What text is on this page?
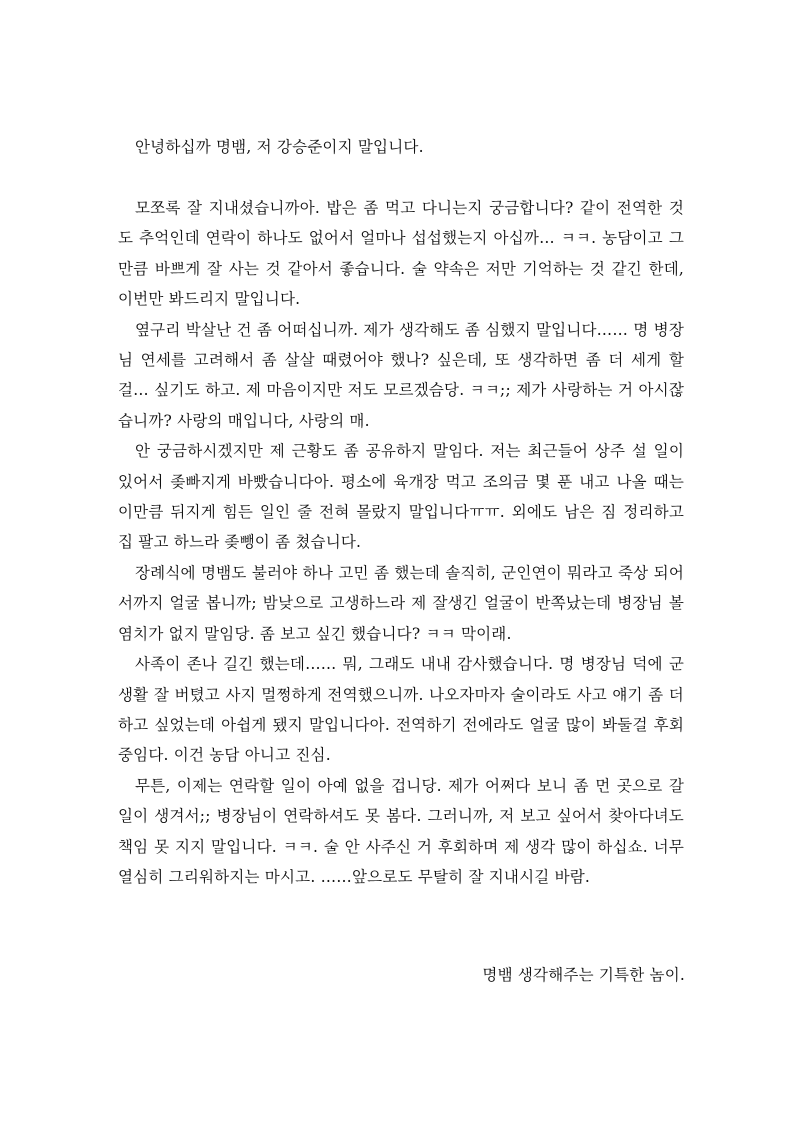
안녕하십까 명뱀, 저 강승준이지 말입니다.

모쪼록 잘 지내셨습니까아. 밥은 좀 먹고 다니는지 궁금합니다? 같이 전역한 것도 추억인데 연락이 하나도 없어서 얼마나 섭섭했는지 아십까… ㅋㅋ. 농담이고 그만큼 바쁘게 잘 사는 것 같아서 좋습니다. 술 약속은 저만 기억하는 것 같긴 한데, 이번만 봐드리지 말입니다.

옆구리 박살난 건 좀 어떠십니까. 제가 생각해도 좀 심했지 말입니다…… 명 병장님 연세를 고려해서 좀 살살 때렸어야 했나? 싶은데, 또 생각하면 좀 더 세게 할 걸… 싶기도 하고. 제 마음이지만 저도 모르겠슴당. ㅋㅋ;; 제가 사랑하는 거 아시잖습니까? 사랑의 매입니다, 사랑의 매.

안 궁금하시겠지만 제 근황도 좀 공유하지 말임다. 저는 최근들어 상주 설 일이 있어서 좆빠지게 바빴습니다아. 평소에 육개장 먹고 조의금 몇 푼 내고 나올 때는 이만큼 뒤지게 힘든 일인 줄 전혀 몰랐지 말입니다ㅠㅠ. 외에도 남은 짐 정리하고 집 팔고 하느라 좆뺑이 좀 쳤습니다.

장례식에 명뱀도 불러야 하나 고민 좀 했는데 솔직히, 군인연이 뭐라고 죽상 되어서까지 얼굴 봅니까; 밤낮으로 고생하느라 제 잘생긴 얼굴이 반쪽났는데 병장님 볼 염치가 없지 말임당. 좀 보고 싶긴 했습니다? ㅋㅋ 막이래.

사족이 존나 길긴 했는데…… 뭐, 그래도 내내 감사했습니다. 명 병장님 덕에 군생활 잘 버텼고 사지 멀쩡하게 전역했으니까. 나오자마자 술이라도 사고 얘기 좀 더 하고 싶었는데 아쉽게 됐지 말입니다아. 전역하기 전에라도 얼굴 많이 봐둘걸 후회중임다. 이건 농담 아니고 진심.

무튼, 이제는 연락할 일이 아예 없을 겁니당. 제가 어쩌다 보니 좀 먼 곳으로 갈 일이 생겨서;; 병장님이 연락하셔도 못 봄다. 그러니까, 저 보고 싶어서 찾아다녀도 책임 못 지지 말입니다. ㅋㅋ. 술 안 사주신 거 후회하며 제 생각 많이 하십쇼. 너무 열심히 그리워하지는 마시고. ……앞으로도 무탈히 잘 지내시길 바람.

명뱀 생각해주는 기특한 놈이.
